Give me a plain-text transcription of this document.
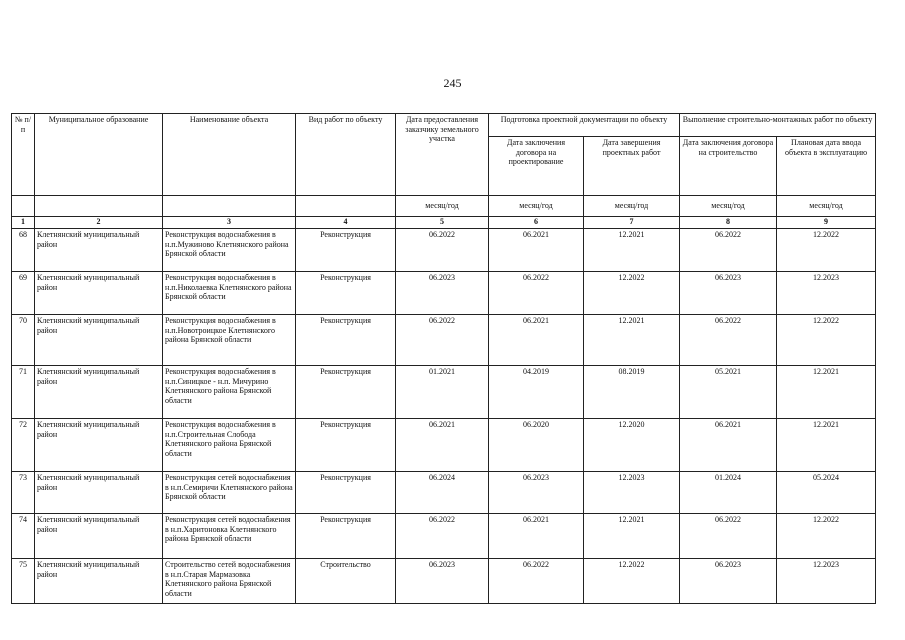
245
№ п/п	Муниципальное образование	Наименование объекта	Вид работ по объекту	Дата предоставления заказчику земельного участка	Подготовка проектной документации по объекту		Выполнение строительно-монтажных работ по объекту	
					Дата заключения договора на проектирование	Дата завершения проектных работ	Дата заключения договора на строительство	Плановая дата ввода объекта в эксплуатацию
				месяц/год	месяц/год	месяц/год	месяц/год	месяц/год
1	2	3	4	5	6	7	8	9
68	Клетнянский муниципальный район	Реконструкция водоснабжения в н.п.Мужиново Клетнянского района Брянской области	Реконструкция	06.2022	06.2021	12.2021	06.2022	12.2022
69	Клетнянский муниципальный район	Реконструкция водоснабжения в н.п.Николаевка Клетнянского района Брянской области	Реконструкция	06.2023	06.2022	12.2022	06.2023	12.2023
70	Клетнянский муниципальный район	Реконструкция водоснабжения в н.п.Новотроицкое Клетнянского района Брянской области	Реконструкция	06.2022	06.2021	12.2021	06.2022	12.2022
71	Клетнянский муниципальный район	Реконструкция водоснабжения в н.п.Синицкое - н.п. Мичурино Клетнянского района Брянской области	Реконструкция	01.2021	04.2019	08.2019	05.2021	12.2021
72	Клетнянский муниципальный район	Реконструкция водоснабжения в н.п.Строительная Слобода Клетнянского района Брянской области	Реконструкция	06.2021	06.2020	12.2020	06.2021	12.2021
73	Клетнянский муниципальный район	Реконструкция сетей водоснабжения в н.п.Семиричи Клетнянского района Брянской области	Реконструкция	06.2024	06.2023	12.2023	01.2024	05.2024
74	Клетнянский муниципальный район	Реконструкция сетей водоснабжения в н.п.Харитоновка Клетнянского района Брянской области	Реконструкция	06.2022	06.2021	12.2021	06.2022	12.2022
75	Клетнянский муниципальный район	Строительство сетей водоснабжения в н.п.Старая Мармазовка Клетнянского района Брянской области	Строительство	06.2023	06.2022	12.2022	06.2023	12.2023
